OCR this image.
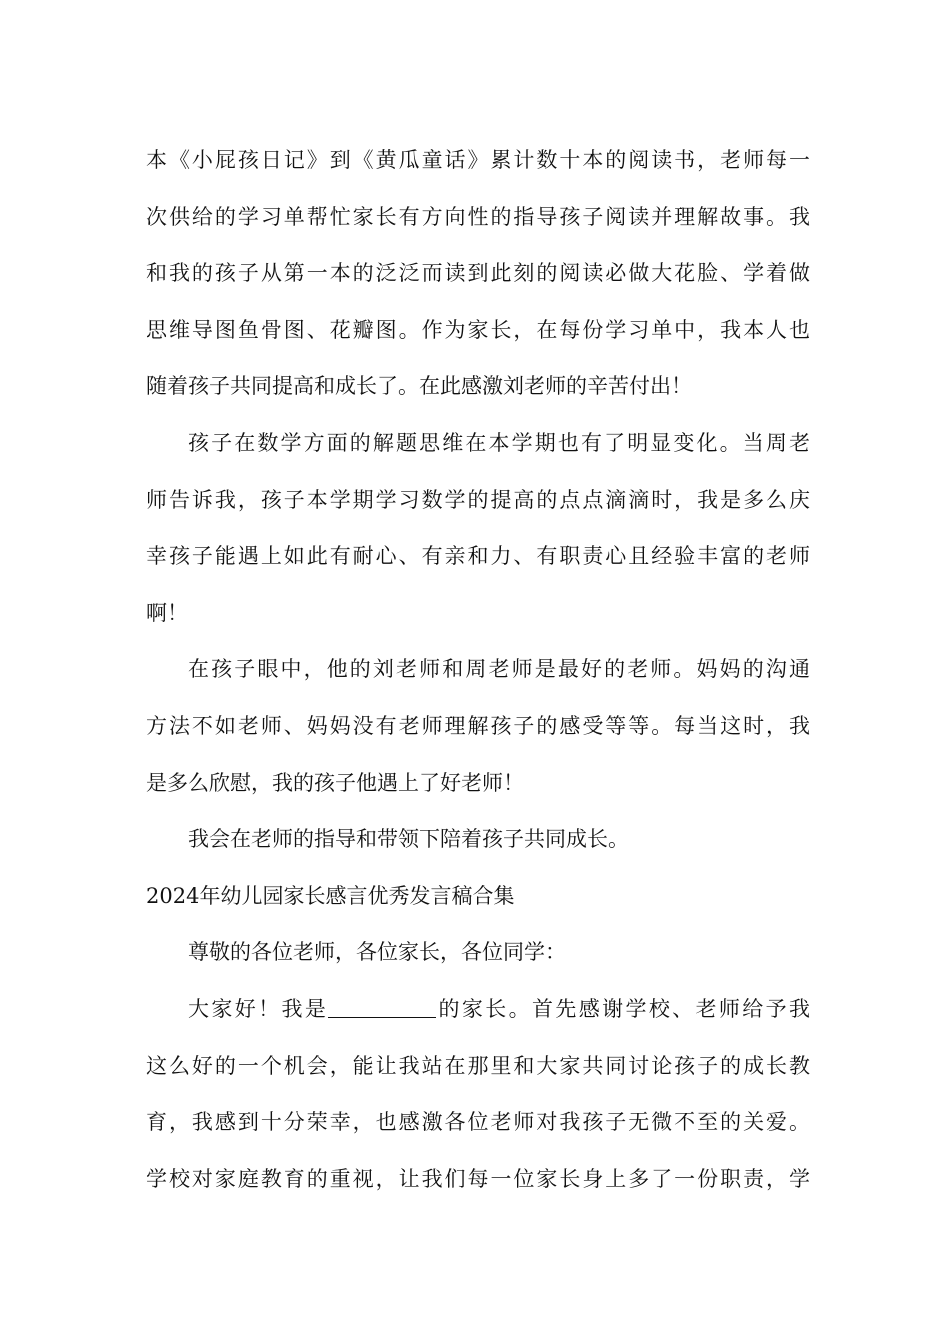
本《小屁孩日记》到《黄瓜童话》累计数十本的阅读书，老师每一
次供给的学习单帮忙家长有方向性的指导孩子阅读并理解故事。我
和我的孩子从第一本的泛泛而读到此刻的阅读必做大花脸、学着做
思维导图鱼骨图、花瓣图。作为家长，在每份学习单中，我本人也
随着孩子共同提高和成长了。在此感激刘老师的辛苦付出！

孩子在数学方面的解题思维在本学期也有了明显变化。当周老
师告诉我，孩子本学期学习数学的提高的点点滴滴时，我是多么庆
幸孩子能遇上如此有耐心、有亲和力、有职责心且经验丰富的老师
啊！

在孩子眼中，他的刘老师和周老师是最好的老师。妈妈的沟通
方法不如老师、妈妈没有老师理解孩子的感受等等。每当这时，我
是多么欣慰，我的孩子他遇上了好老师！

我会在老师的指导和带领下陪着孩子共同成长。

2024年幼儿园家长感言优秀发言稿合集

尊敬的各位老师，各位家长，各位同学：

大家好！我是	的家长。首先感谢学校、老师给予我
这么好的一个机会，能让我站在那里和大家共同讨论孩子的成长教
育，我感到十分荣幸，也感激各位老师对我孩子无微不至的关爱。
学校对家庭教育的重视，让我们每一位家长身上多了一份职责，学
